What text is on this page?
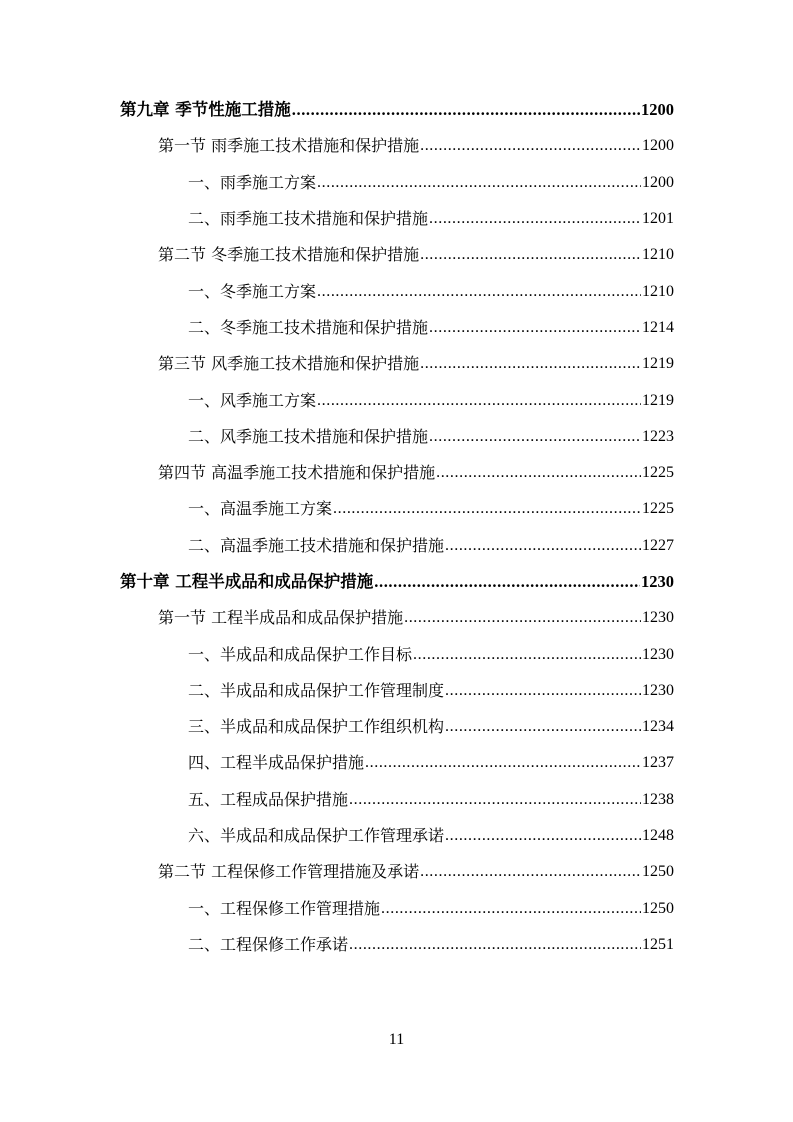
第九章 季节性施工措施 .....	1200
第一节 雨季施工技术措施和保护措施 .....	1200
一、雨季施工方案 .....	1200
二、雨季施工技术措施和保护措施 .....	1201
第二节 冬季施工技术措施和保护措施 .....	1210
一、冬季施工方案 .....	1210
二、冬季施工技术措施和保护措施 .....	1214
第三节 风季施工技术措施和保护措施 .....	1219
一、风季施工方案 .....	1219
二、风季施工技术措施和保护措施 .....	1223
第四节 高温季施工技术措施和保护措施 .....	1225
一、高温季施工方案 .....	1225
二、高温季施工技术措施和保护措施 .....	1227
第十章 工程半成品和成品保护措施 .....	1230
第一节 工程半成品和成品保护措施 .....	1230
一、半成品和成品保护工作目标 .....	1230
二、半成品和成品保护工作管理制度 .....	1230
三、半成品和成品保护工作组织机构 .....	1234
四、工程半成品保护措施 .....	1237
五、工程成品保护措施 .....	1238
六、半成品和成品保护工作管理承诺 .....	1248
第二节 工程保修工作管理措施及承诺 .....	1250
一、工程保修工作管理措施 .....	1250
二、工程保修工作承诺 .....	1251
11
